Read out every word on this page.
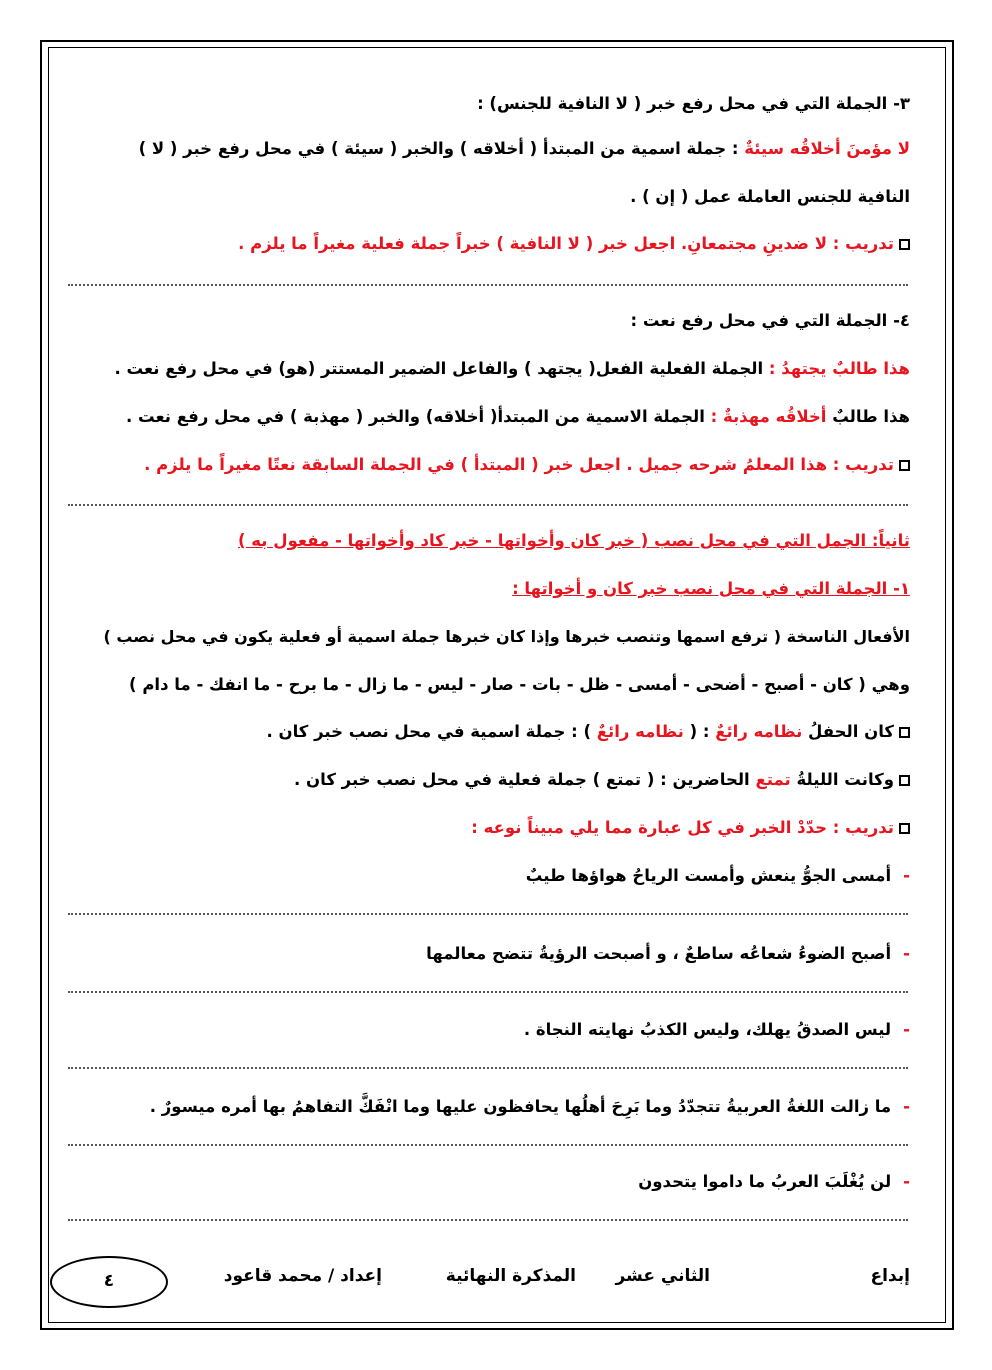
٣- الجملة التي في محل رفع خبر ( لا النافية للجنس) :
لا مؤمنَ أخلاقُه سيئةٌ : جملة اسمية من المبتدأ ( أخلاقه ) والخبر ( سيئة ) في محل رفع خبر ( لا )
النافية للجنس العاملة عمل ( إن ) .
تدريب : لا ضدينِ مجتمعانِ. اجعل خبر ( لا النافية ) خبراً جملة فعلية مغيراً ما يلزم .
٤- الجملة التي في محل رفع نعت :
هذا طالبٌ يجتهدُ : الجملة الفعلية الفعل( يجتهد ) والفاعل الضمير المستتر (هو) في محل رفع نعت .
هذا طالبٌ أخلاقُه مهذبةٌ : الجملة الاسمية من المبتدأ( أخلاقه) والخبر ( مهذبة ) في محل رفع نعت .
تدريب : هذا المعلمُ شرحه جميل . اجعل خبر ( المبتدأ ) في الجملة السابقة نعتًا مغيراً ما يلزم .
ثانياً: الجمل التي في محل نصب ( خبر كان وأخواتها - خبر كاد وأخواتها - مفعول به )
١- الجملة التي في محل نصب خبر كان و أخواتها :
الأفعال الناسخة ( ترفع اسمها وتنصب خبرها وإذا كان خبرها جملة اسمية أو فعلية يكون في محل نصب )
وهي ( كان - أصبح - أضحى - أمسى - ظل - بات - صار - ليس - ما زال - ما برح - ما انفك - ما دام )
كان الحفلُ نظامه رائعٌ : ( نظامه رائعٌ ) : جملة اسمية في محل نصب خبر كان .
وكانت الليلةُ تمتع الحاضرين : ( تمتع ) جملة فعلية في محل نصب خبر كان .
تدريب : حدّدْ الخبر في كل عبارة مما يلي مبيناً نوعه :
-أمسى الجوُّ ينعش وأمست الرياحُ هواؤها طيبٌ
-أصبح الضوءُ شعاعُه ساطعٌ ، و أصبحت الرؤيةُ تتضح معالمها
-ليس الصدقُ يهلك، وليس الكذبُ نهايته النجاة .
-ما زالت اللغةُ العربيةُ تتجدّدُ وما بَرِحَ أهلُها يحافظون عليها وما انْفَكَّ التفاهمُ بها أمره ميسورٌ .
-لن يُغْلَبَ العربُ ما داموا يتحدون
إبداع
الثاني عشر
المذكرة النهائية
إعداد / محمد قاعود
٤
